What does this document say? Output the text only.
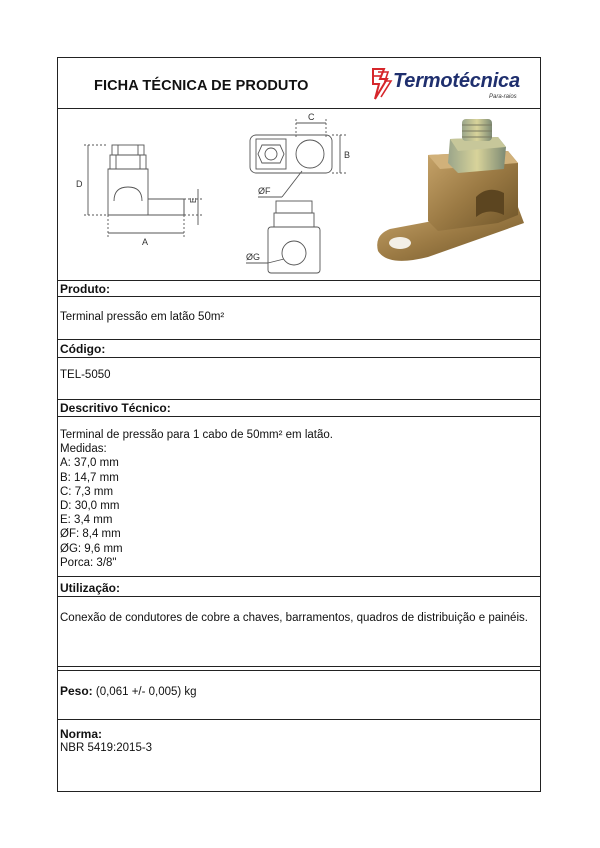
FICHA TÉCNICA DE PRODUTO	Termotécnica
Para-raios
D
A
E
C
B
ØF
ØG
Produto:
Terminal pressão em latão 50m²
Código:
TEL-5050
Descritivo Técnico:
Terminal de pressão para 1 cabo de 50mm² em latão.
Medidas:
A: 37,0 mm
B: 14,7 mm
C: 7,3 mm
D: 30,0 mm
E: 3,4 mm
ØF: 8,4 mm
ØG: 9,6 mm
Porca: 3/8"
Utilização:
Conexão de condutores de cobre a chaves, barramentos, quadros de distribuição e painéis.
Peso: (0,061 +/- 0,005) kg
Norma:
NBR 5419:2015-3
